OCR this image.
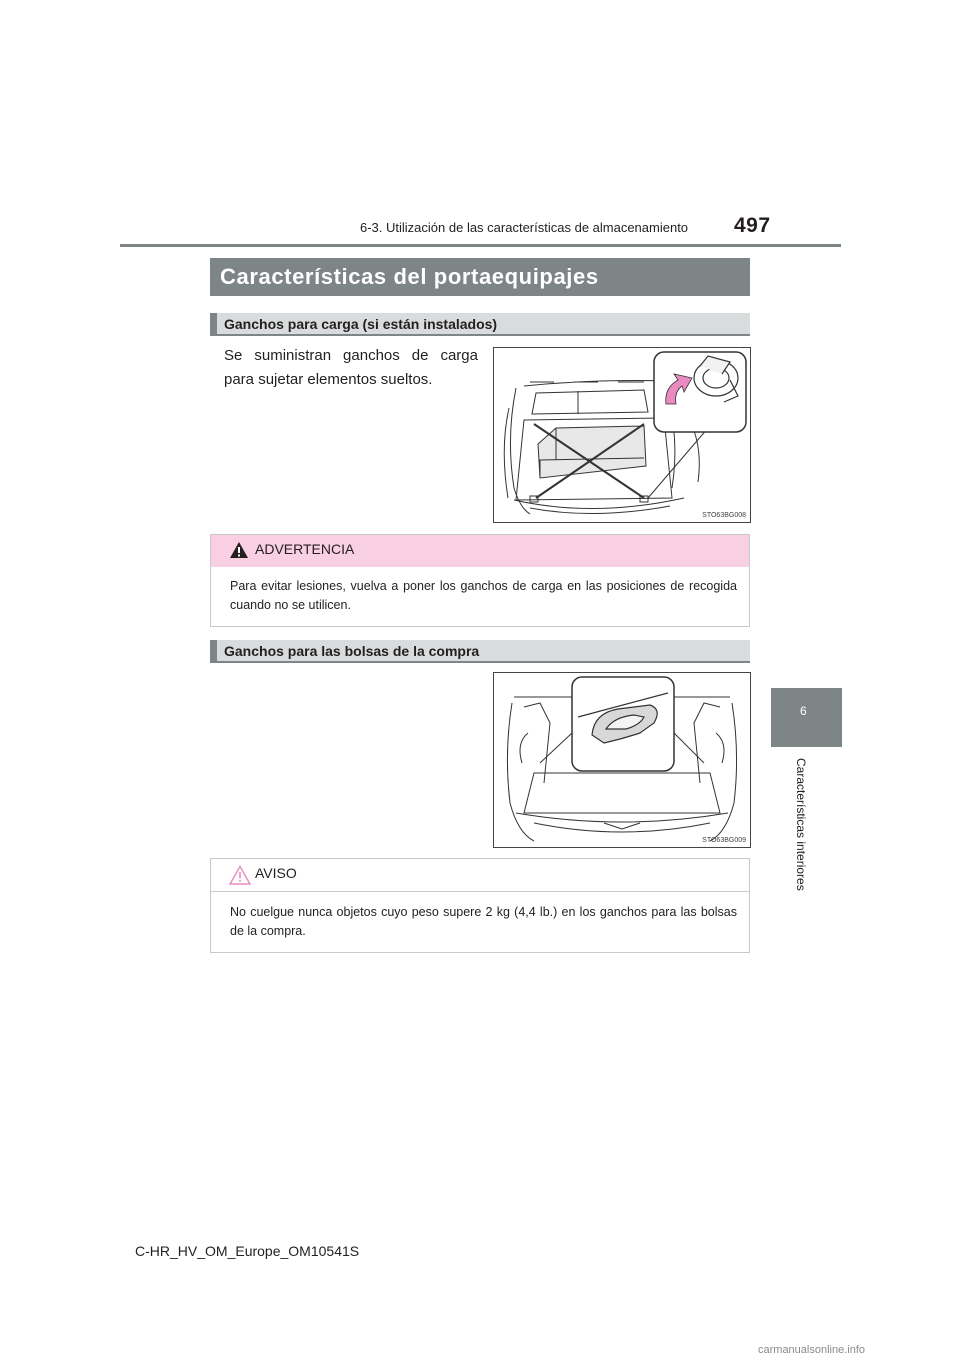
6-3. Utilización de las características de almacenamiento 497
6
Características interiores
Características del portaequipajes
Ganchos para carga (si están instalados)
Se suministran ganchos de carga para sujetar elementos sueltos.
STO63BG008
ADVERTENCIA
Para evitar lesiones, vuelva a poner los ganchos de carga en las posiciones de recogida cuando no se utilicen.
Ganchos para las bolsas de la compra
STO63BG009
AVISO
No cuelgue nunca objetos cuyo peso supere 2 kg (4,4 lb.) en los ganchos para las bolsas de la compra.
C-HR_HV_OM_Europe_OM10541S
carmanualsonline.info
